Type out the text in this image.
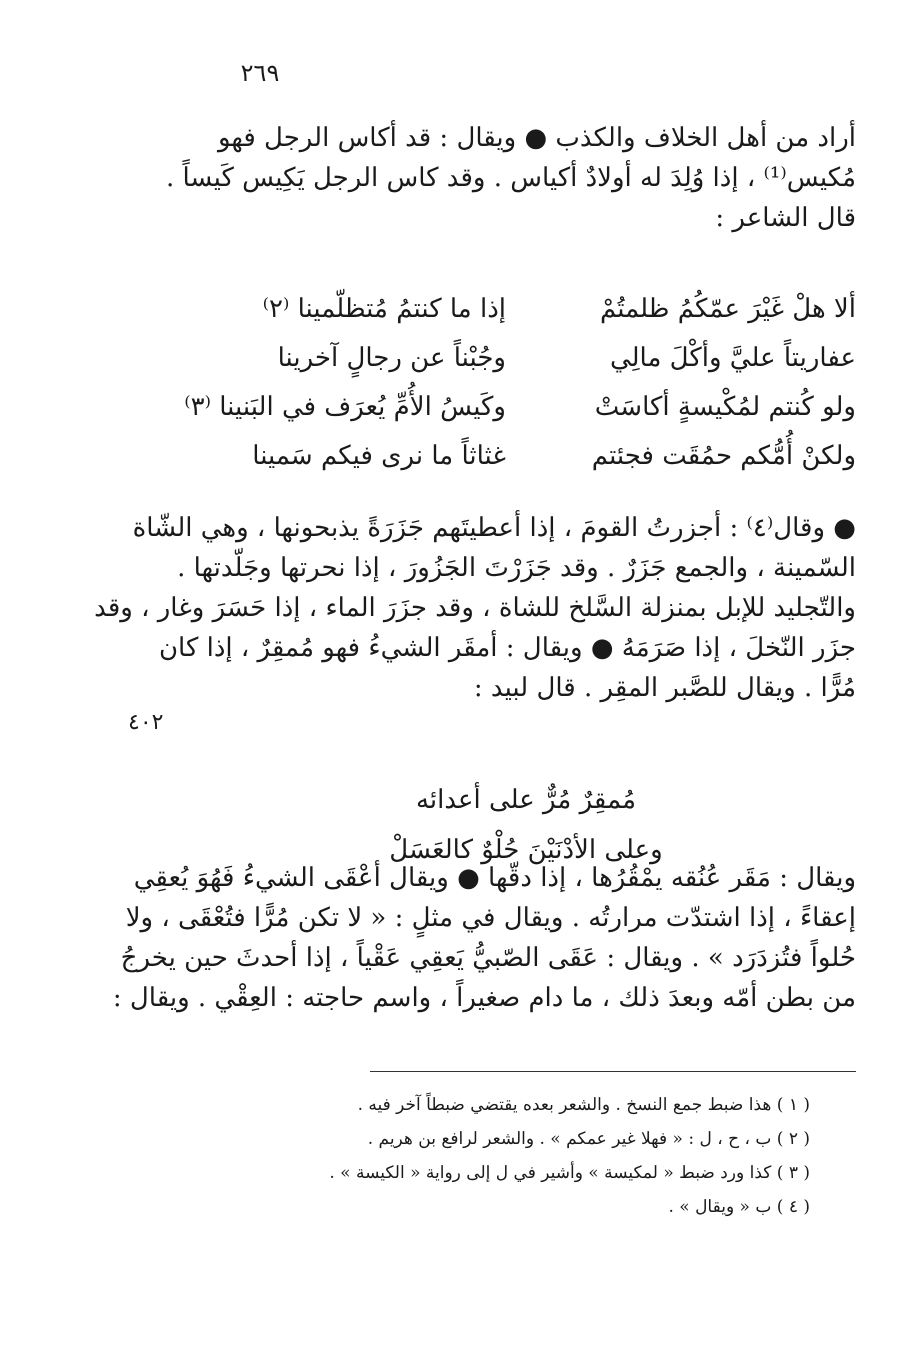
٢٦٩
٤٠٢
أراد من أهل الخلاف والكذب ● ويقال : قد أكاس الرجل فهو
مُكيس⁽¹⁾ ، إذا وُلِدَ له أولادٌ أكياس . وقد كاس الرجل يَكِيس كَيساً .
قال الشاعر :
ألا هلْ غَيْرَ عمّكُمُ ظلمتُمْ
إذا ما كنتمُ مُتظلّمينا ⁽٢⁾
عفاريتاً عليَّ وأكْلَ مالِي
وجُبْناً عن رجالٍ آخرينا
ولو كُنتم لمُكْيسةٍ أكاسَتْ
وكَيسُ الأُمِّ يُعرَف في البَنينا ⁽٣⁾
ولكنْ أُمُّكم حمُقَت فجئتم
غثاثاً ما نرى فيكم سَمينا
● وقال⁽٤⁾ : أجزرتُ القومَ ، إذا أعطيتَهم جَزَرَةً يذبحونها ، وهي الشّاة
السّمينة ، والجمع جَزَرٌ . وقد جَزَرْتَ الجَزُورَ ، إذا نحرتها وجَلّدتها .
والتّجليد للإبل بمنزلة السَّلخ للشاة ، وقد جزَرَ الماء ، إذا حَسَرَ وغار ، وقد
جزَر النّخلَ ، إذا صَرَمَهُ ● ويقال : أمقَر الشيءُ فهو مُمقِرٌ ، إذا كان
مُرًّا . ويقال للصَّبر المقِر . قال لبيد :
مُمقِرٌ مُرٌّ على أعدائه وعلى الأدْنَيْنَ حُلْوٌ كالعَسَلْ
ويقال : مَقَر عُنُقه يمْقُرُها ، إذا دقّها ● ويقال أعْقَى الشيءُ فَهُوَ يُعقِي
إعقاءً ، إذا اشتدّت مرارتُه . ويقال في مثلٍ : « لا تكن مُرًّا فتُعْقَى ، ولا
حُلواً فتُزدَرَد » . ويقال : عَقَى الصّبيُّ يَعقِي عَقْياً ، إذا أحدثَ حين يخرجُ
من بطن أمّه وبعدَ ذلك ، ما دام صغيراً ، واسم حاجته : العِقْي . ويقال :
( ١ ) هذا ضبط جمع النسخ . والشعر بعده يقتضي ضبطاً آخر فيه .
( ٢ ) ب ، ح ، ل : « فهلا غير عمكم » . والشعر لرافع بن هريم .
( ٣ ) كذا ورد ضبط « لمكيسة » وأشير في ل إلى رواية « الكيسة » .
( ٤ ) ب « ويقال » .
